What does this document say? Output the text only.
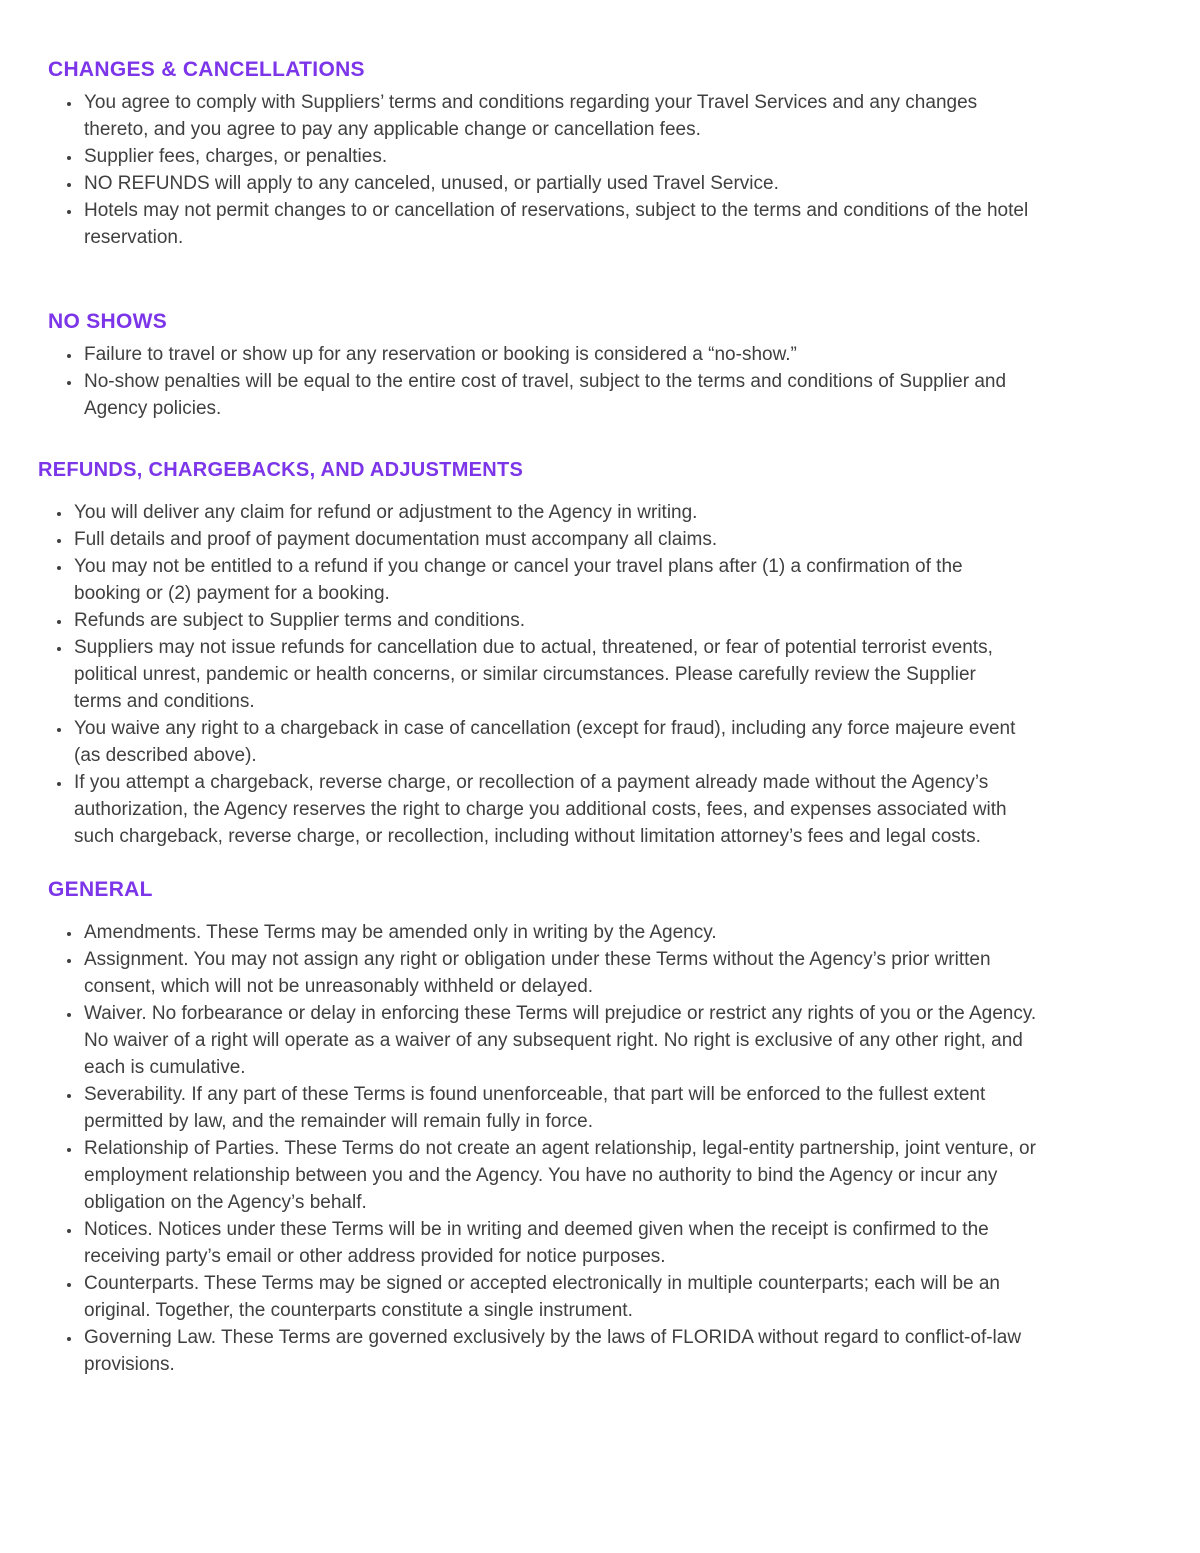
CHANGES & CANCELLATIONS
• You agree to comply with Suppliers’ terms and conditions regarding your Travel Services and any changes thereto, and you agree to pay any applicable change or cancellation fees.
• Supplier fees, charges, or penalties.
• NO REFUNDS will apply to any canceled, unused, or partially used Travel Service.
• Hotels may not permit changes to or cancellation of reservations, subject to the terms and conditions of the hotel reservation.
NO SHOWS
• Failure to travel or show up for any reservation or booking is considered a “no-show.”
• No-show penalties will be equal to the entire cost of travel, subject to the terms and conditions of Supplier and Agency policies.
REFUNDS, CHARGEBACKS, AND ADJUSTMENTS
• You will deliver any claim for refund or adjustment to the Agency in writing.
• Full details and proof of payment documentation must accompany all claims.
• You may not be entitled to a refund if you change or cancel your travel plans after (1) a confirmation of the booking or (2) payment for a booking.
• Refunds are subject to Supplier terms and conditions.
• Suppliers may not issue refunds for cancellation due to actual, threatened, or fear of potential terrorist events, political unrest, pandemic or health concerns, or similar circumstances. Please carefully review the Supplier terms and conditions.
• You waive any right to a chargeback in case of cancellation (except for fraud), including any force majeure event (as described above).
• If you attempt a chargeback, reverse charge, or recollection of a payment already made without the Agency’s authorization, the Agency reserves the right to charge you additional costs, fees, and expenses associated with such chargeback, reverse charge, or recollection, including without limitation attorney’s fees and legal costs.
GENERAL
• Amendments. These Terms may be amended only in writing by the Agency.
• Assignment. You may not assign any right or obligation under these Terms without the Agency’s prior written consent, which will not be unreasonably withheld or delayed.
• Waiver. No forbearance or delay in enforcing these Terms will prejudice or restrict any rights of you or the Agency. No waiver of a right will operate as a waiver of any subsequent right. No right is exclusive of any other right, and each is cumulative.
• Severability. If any part of these Terms is found unenforceable, that part will be enforced to the fullest extent permitted by law, and the remainder will remain fully in force.
• Relationship of Parties. These Terms do not create an agent relationship, legal-entity partnership, joint venture, or employment relationship between you and the Agency. You have no authority to bind the Agency or incur any obligation on the Agency’s behalf.
• Notices. Notices under these Terms will be in writing and deemed given when the receipt is confirmed to the receiving party’s email or other address provided for notice purposes.
• Counterparts. These Terms may be signed or accepted electronically in multiple counterparts; each will be an original. Together, the counterparts constitute a single instrument.
• Governing Law. These Terms are governed exclusively by the laws of FLORIDA without regard to conflict-of-law provisions.
